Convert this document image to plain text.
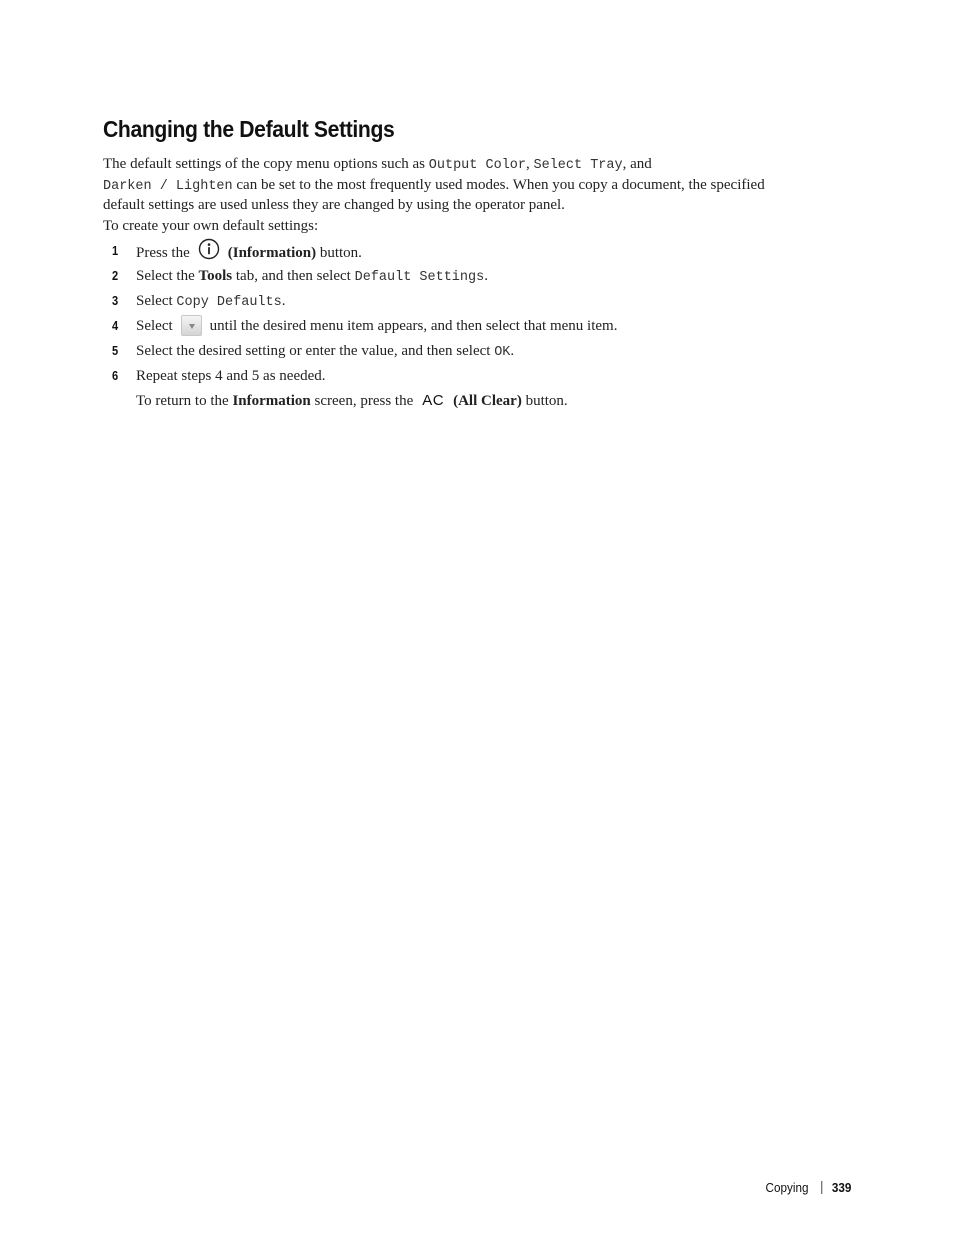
Changing the Default Settings
The default settings of the copy menu options such as Output Color, Select Tray, and
Darken / Lighten can be set to the most frequently used modes. When you copy a document, the specified
default settings are used unless they are changed by using the operator panel.
To create your own default settings:
1 Press the	(Information) button.
2 Select the Tools tab, and then select Default Settings.
3 Select Copy Defaults.
4 Select until the desired menu item appears, and then select that menu item.
5 Select the desired setting or enter the value, and then select OK.
6 Repeat steps 4 and 5 as needed.
To return to the Information screen, press the AC (All Clear) button.
Copying 339
